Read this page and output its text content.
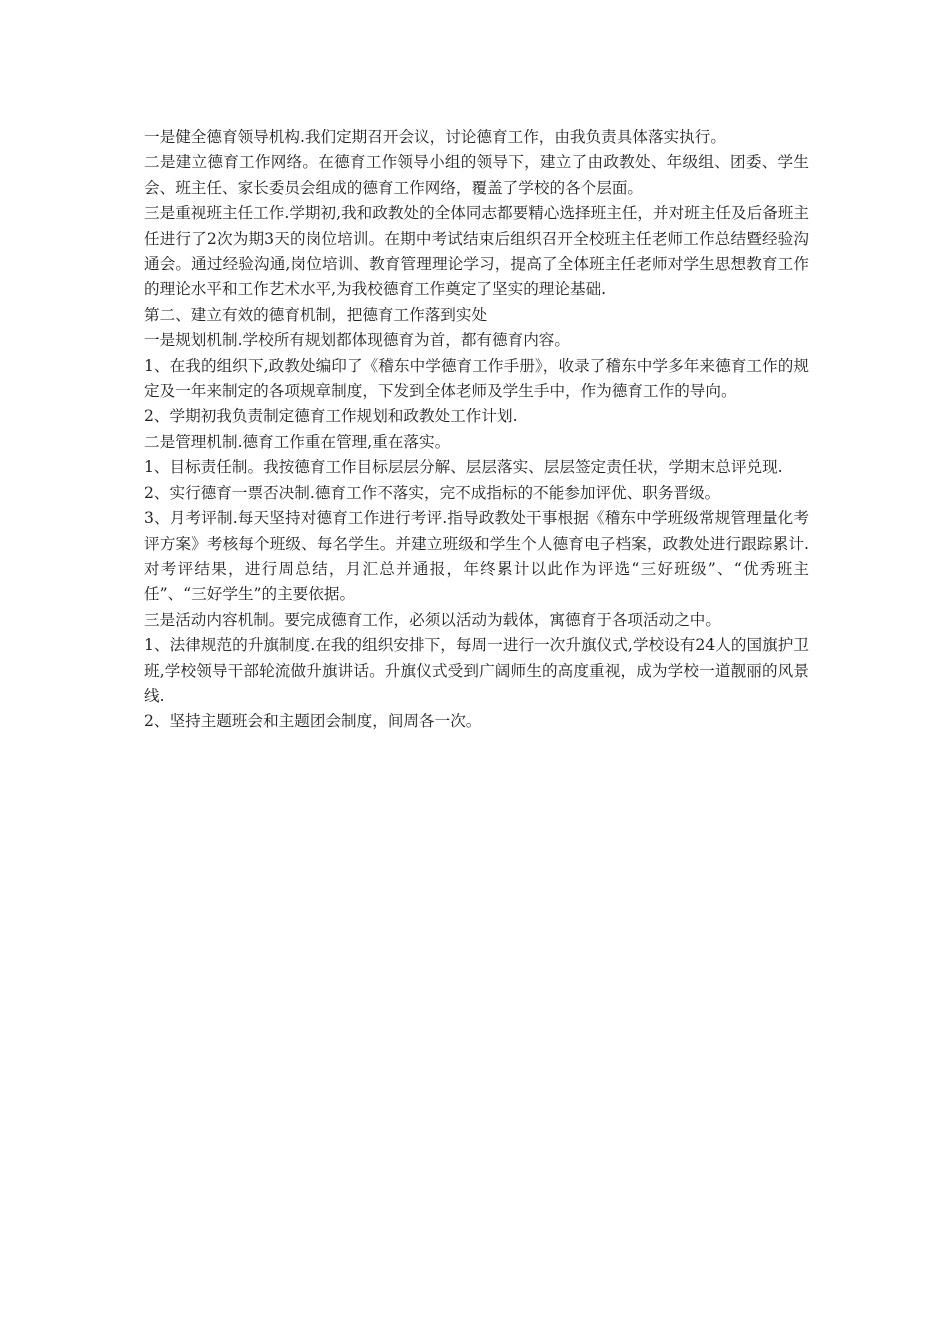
一是健全德育领导机构.我们定期召开会议，讨论德育工作，由我负责具体落实执行。

二是建立德育工作网络。在德育工作领导小组的领导下，建立了由政教处、年级组、团委、学生会、班主任、家长委员会组成的德育工作网络，覆盖了学校的各个层面。

三是重视班主任工作.学期初,我和政教处的全体同志都要精心选择班主任，并对班主任及后备班主任进行了2次为期3天的岗位培训。在期中考试结束后组织召开全校班主任老师工作总结暨经验沟通会。通过经验沟通,岗位培训、教育管理理论学习，提高了全体班主任老师对学生思想教育工作的理论水平和工作艺术水平,为我校德育工作奠定了坚实的理论基础.

第二、建立有效的德育机制，把德育工作落到实处

一是规划机制.学校所有规划都体现德育为首，都有德育内容。

1、在我的组织下,政教处编印了《稽东中学德育工作手册》，收录了稽东中学多年来德育工作的规定及一年来制定的各项规章制度，下发到全体老师及学生手中，作为德育工作的导向。

2、学期初我负责制定德育工作规划和政教处工作计划.

二是管理机制.德育工作重在管理,重在落实。

1、目标责任制。我按德育工作目标层层分解、层层落实、层层签定责任状，学期末总评兑现.

2、实行德育一票否决制.德育工作不落实，完不成指标的不能参加评优、职务晋级。

3、月考评制.每天坚持对德育工作进行考评.指导政教处干事根据《稽东中学班级常规管理量化考评方案》考核每个班级、每名学生。并建立班级和学生个人德育电子档案，政教处进行跟踪累计.对考评结果，进行周总结，月汇总并通报，年终累计以此作为评选“三好班级”、“优秀班主任”、“三好学生”的主要依据。

三是活动内容机制。要完成德育工作，必须以活动为载体，寓德育于各项活动之中。

1、法律规范的升旗制度.在我的组织安排下，每周一进行一次升旗仪式,学校设有24人的国旗护卫班,学校领导干部轮流做升旗讲话。升旗仪式受到广阔师生的高度重视，成为学校一道靓丽的风景线.

2、坚持主题班会和主题团会制度，间周各一次。
